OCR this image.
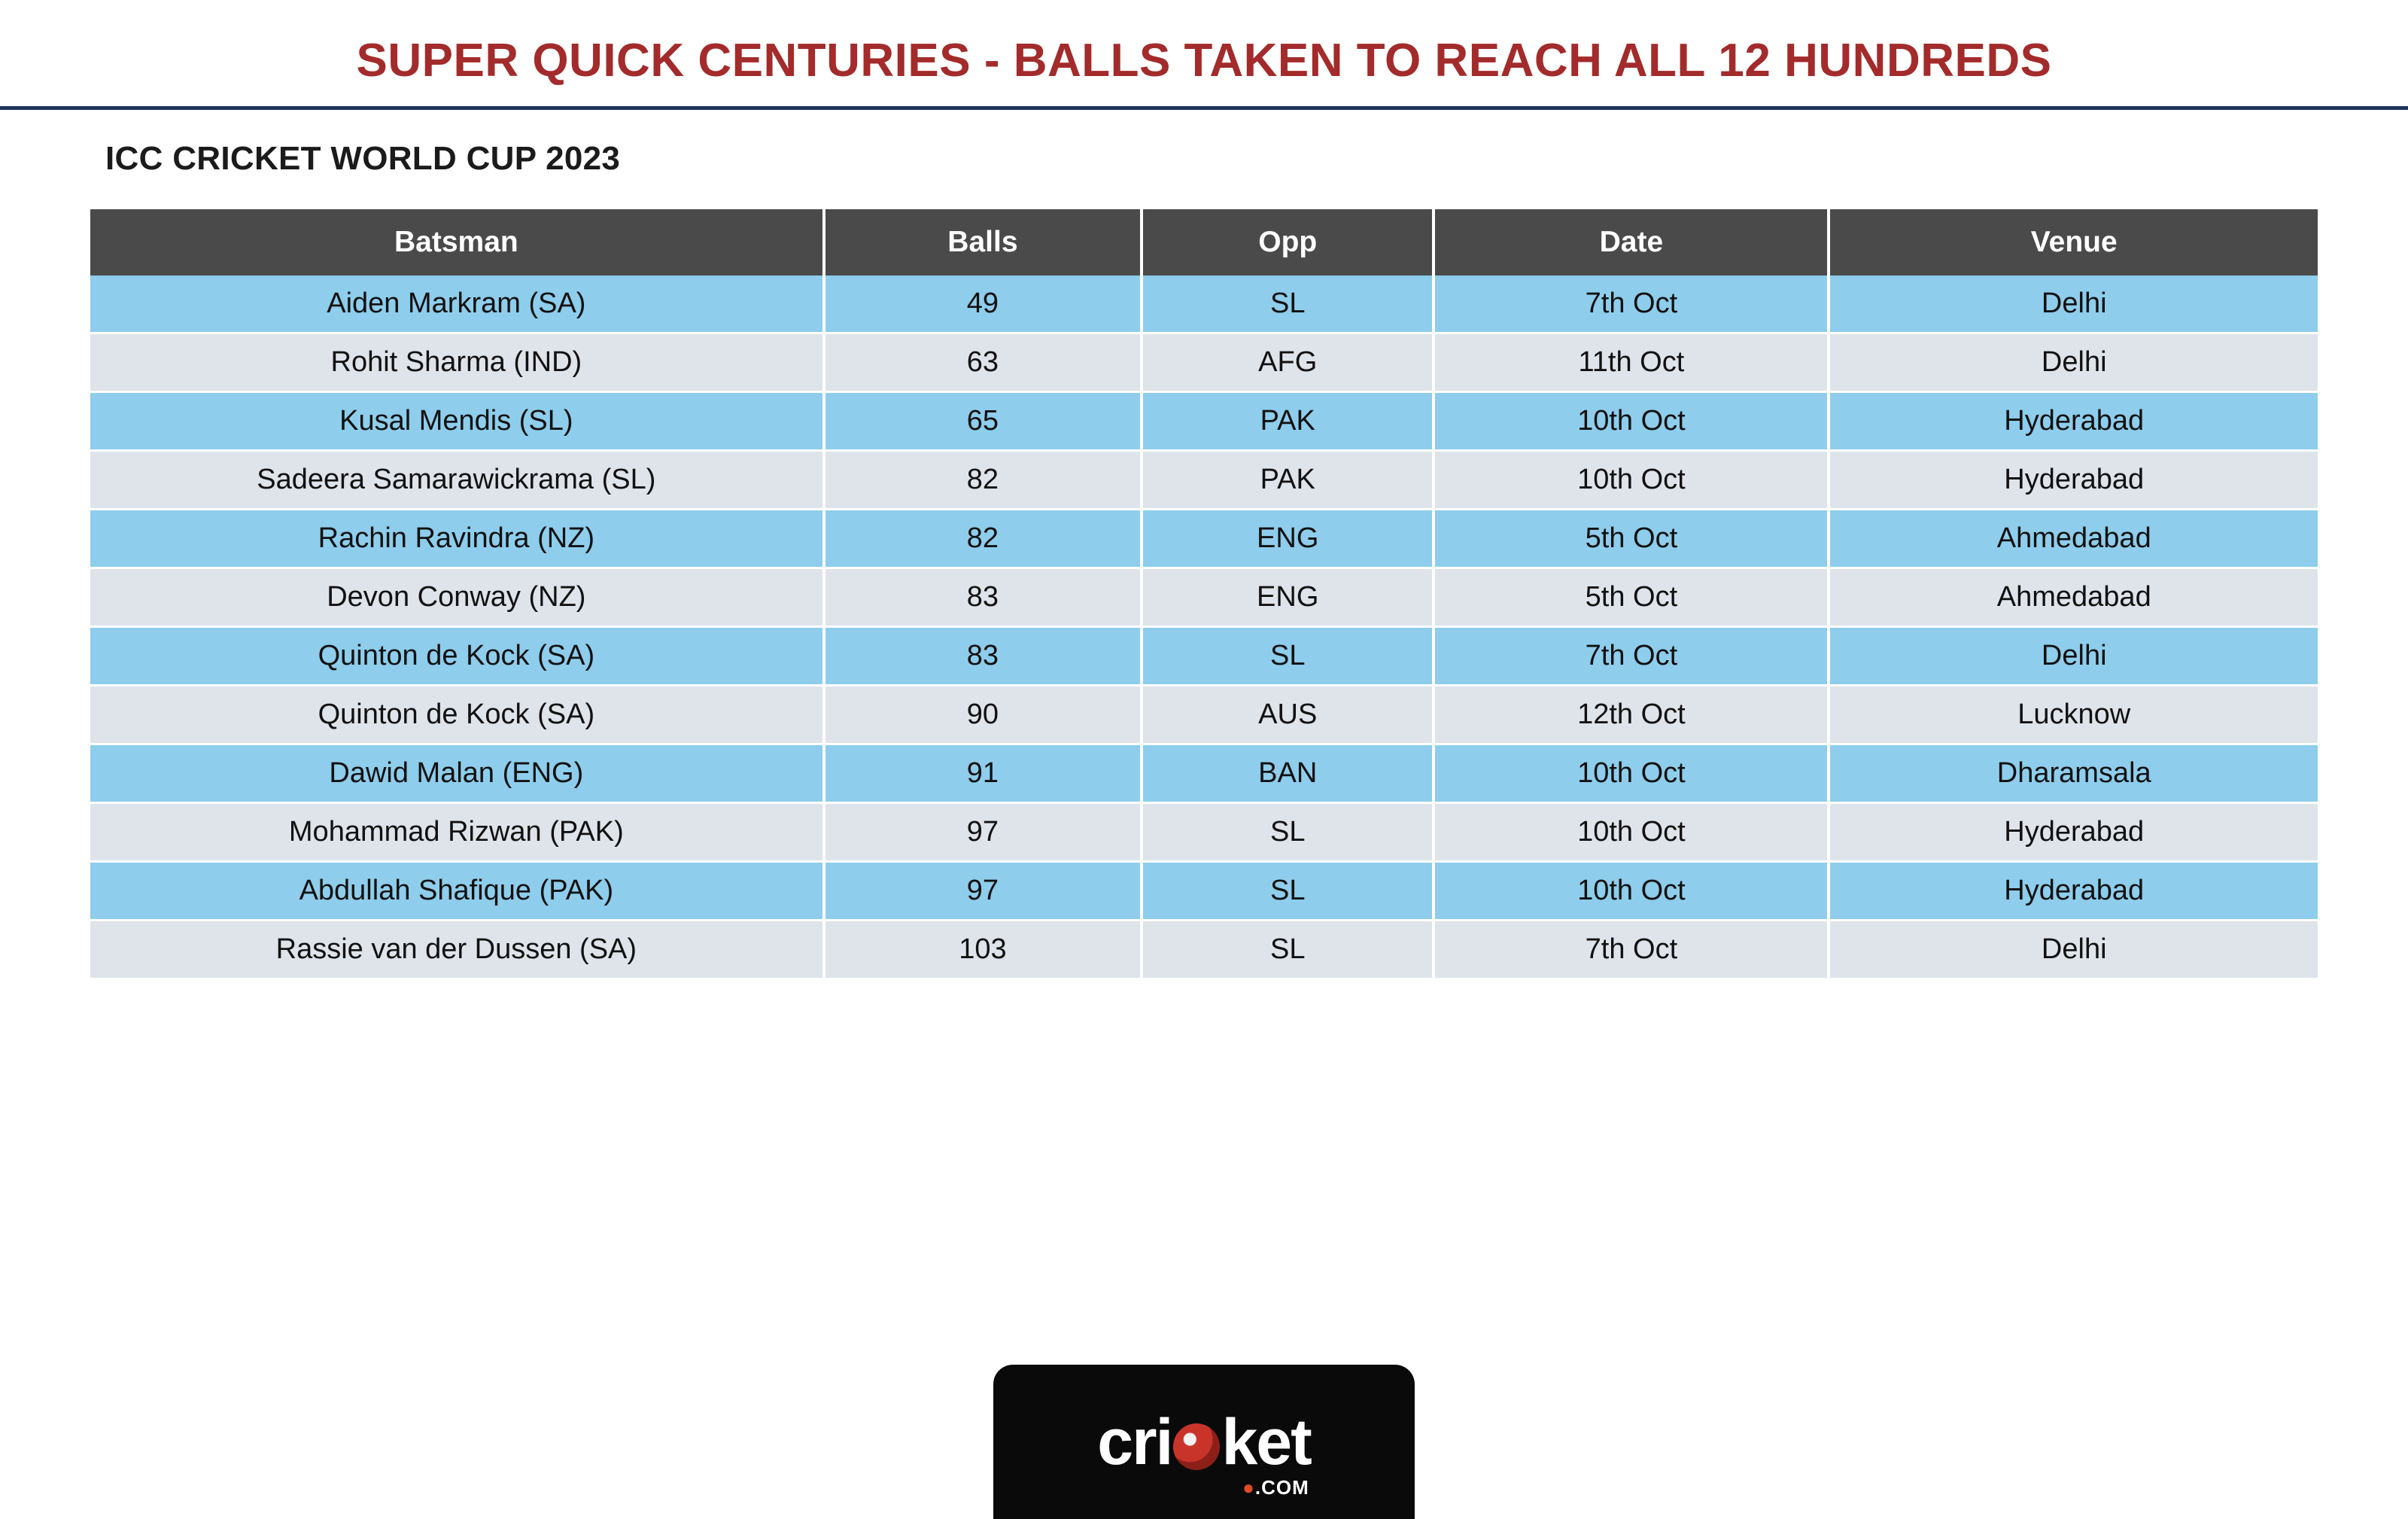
SUPER QUICK CENTURIES - BALLS TAKEN TO REACH ALL 12 HUNDREDS
ICC CRICKET WORLD CUP 2023
Batsman	Balls	Opp	Date	Venue
Aiden Markram (SA)	49	SL	7th Oct	Delhi
Rohit Sharma (IND)	63	AFG	11th Oct	Delhi
Kusal Mendis (SL)	65	PAK	10th Oct	Hyderabad
Sadeera Samarawickrama (SL)	82	PAK	10th Oct	Hyderabad
Rachin Ravindra (NZ)	82	ENG	5th Oct	Ahmedabad
Devon Conway (NZ)	83	ENG	5th Oct	Ahmedabad
Quinton de Kock (SA)	83	SL	7th Oct	Delhi
Quinton de Kock (SA)	90	AUS	12th Oct	Lucknow
Dawid Malan (ENG)	91	BAN	10th Oct	Dharamsala
Mohammad Rizwan (PAK)	97	SL	10th Oct	Hyderabad
Abdullah Shafique (PAK)	97	SL	10th Oct	Hyderabad
Rassie van der Dussen (SA)	103	SL	7th Oct	Delhi
cri ket
●.COM
